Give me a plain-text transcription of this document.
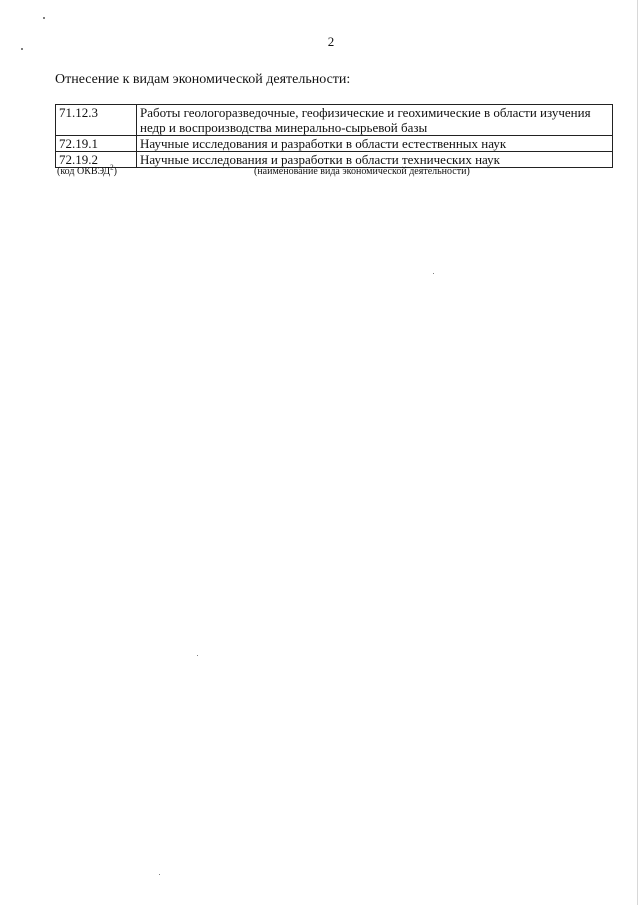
2
Отнесение к видам экономической деятельности:
71.12.3	Работы геологоразведочные, геофизические и геохимические в области изучения недр и воспроизводства минерально-сырьевой базы
72.19.1	Научные исследования и разработки в области естественных наук
72.19.2	Научные исследования и разработки в области технических наук
(код ОКВЭД$^2$)	(наименование вида экономической деятельности)
